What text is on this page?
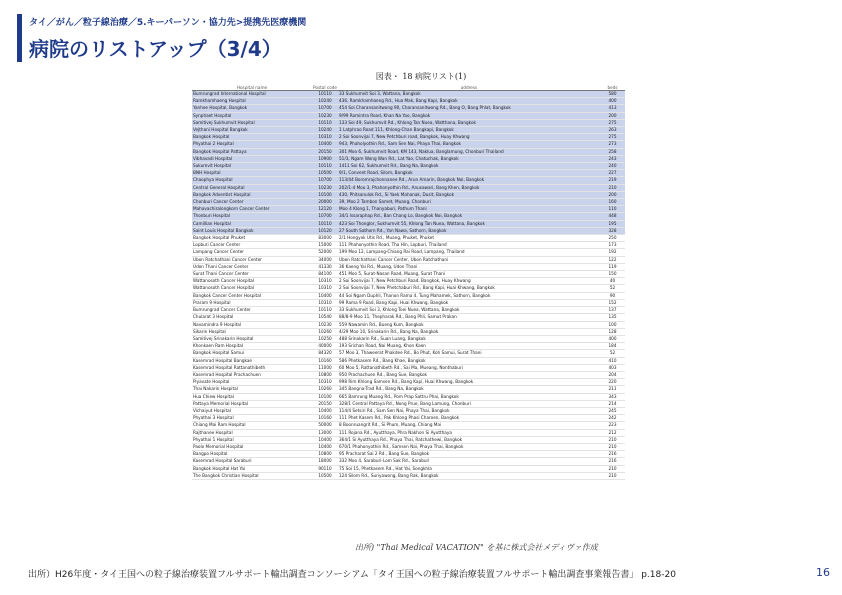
タイ／がん／粒子線治療／5.キーパーソン・協力先>提携先医療機関
病院のリストアップ（3/4）
図表・ 18 病院リスト(1)
Hospital name	Postal code	address	beds
Bumrungrad International Hospital	10110	33 Sukhumvit Soi 3, Wattana, Bangkok	580
Ramkhamhaeng Hospital	10240	436, Ramkhamhaeng Rd., Hua Mak, Bang Kapi, Bangkok	400
Yanhee Hospital, Bangkok	10700	454 Soi Charansanitwong 90, Charansanitwong Rd., Bang O, Bang Phlat, Bangkok	413
Synphaet Hospital	10230	9/99 Ramintra Road, Khan Na Yao, Bangkok	200
Samitivej Sukhumvit Hospital	10110	133 Soi 49, Sukhumvit Rd., Khlong Tan Nuea, Watthana, Bangkok	275
Vejthani Hospital Bangkok	10240	1 Latphrao Road 111, Khlong-Chan Bangkapi, Bangkok	263
Bangkok Hospital	10310	2 Soi Soonvijai 7, New Petchburi road, Bangkok, Huay Khwang	275
Phyathai 2 Hospital	10400	943, Phaholyothin Rd., Sam Sen Nai, Phaya Thai, Bangkok	273
Bangkok Hospital Pattaya	20150	301 Moo 6, Sukhumvit Road, KM 143, Naklua, Banglamung, Chonburi Thailand	258
Vibhavadi Hospital	10900	51/3, Ngam Wong Wan Rd., Lat Yao, Chatuchak, Bangkok	243
Sukumvit Hospital	10110	1411 Soi 62, Sukhumvit Rd., Bang Na, Bangkok	240
BNH Hospital	10500	9/1, Convent Road, Silom, Bangkok	227
Chaophya Hospital	10700	113/44 Boromrajchonnanee Rd., Arun Amarin, Bangkok Noi, Bangkok	219
Central General Hospital	10230	202/1-4 Moo 3, Phahonyothin Rd., Anusawari, Bang Khen, Bangkok	210
Bangkok Adventist Hospital	10100	430, Phitsanulok Rd., Si Yaek Mahanak, Dusit, Bangkok	200
Chonburi Cancer Center	20000	39, Moo 2 Tambon Samet, Muang, Chonburi	160
Mahavachiralongkorn Cancer Center	12120	Moo 4 Klong 1, Thanyaburi, Pathum Thani	110
Thonburi Hospital	10700	34/1 Issaraphap Rd., Ban Chang Lo, Bangkok Noi, Bangkok	448
Camillian Hospital	10110	423 Soi Thonglor, Sukhumvit 55, Khlong Tan Nuea, Wattana, Bangkok	195
Saint Louis Hospital Bangkok	10120	27 South Sathorn Rd., Yan Nawa, Sathorn, Bangkok	328
Bangkok Hospital Phuket	83000	2/1 Hongyok Utis Rd., Muang, Phuket, Phuket	250
Lopburi Cancer Center	15000	111 Phahonyothin Road, Tha Hin, Lopburi, Thailand	173
Lampang Cancer Center	52000	199 Moo 12, Lampang-Chiang Rai Road, Lampang, Thailand	192
Ubon Ratchathani Cancer Center	34000	Ubon Ratchathani Cancer Center, Ubon Ratchathani	122
Udon Thani Cancer Center	41330	36 Kaeng Yai Rd., Muang, Udon Thani	119
Surat Thani Cancer Center	84100	451 Moo 5, Surat-Nasan Road, Muang, Surat Thani	150
Wattanosoth Cancer Hospital	10310	2 Soi Soonvijai 7, New Petchburi Road, Bangkok, Huay Khwang	40
Wattanosoth Cancer Hospital	10310	2 Soi Soonvijai 7, New Phetchaburi Rd., Bang Kapi, Huai Khwang, Bangkok	52
Bangkok Cancer Center Hospital	10400	44 Soi Ngam Duphli, Thanon Rama 4, Tung Mahamek, Sathorn, Bangkok	90
Praram 9 Hospital	10310	99 Rama 9 Road, Bang Kapi, Huai Khwang, Bangkok	152
Bumrungrad Cancer Center	10110	33 Sukhumvit Soi 3, Khlong Toei Nuea, Wattana, Bangkok	137
Chularat 3 Hospital	10540	88/8-9 Moo 11, Thepharak Rd., Bang Phli, Samut Prakan	135
Navamindra 9 Hospital	10230	559 Nawamin Rd., Bueng Kum, Bangkok	100
Sikarin Hospital	10260	4/29 Moo 10, Srinakarin Rd., Bang Na, Bangkok	128
Samitivej Srinakarin Hospital	10250	488 Srinakarin Rd., Suan Luang, Bangkok	400
Khonkaen Ram Hospital	40000	193 Srichan Road, Nai Muang, Khon Kaen	184
Bangkok Hospital Samui	84320	57 Moo 3, Thaweerat Phakdee Rd., Bo Phut, Koh Samui, Surat Thani	52
Kasemrad Hospital Bangkae	10160	586 Phetkasem Rd., Bang Khae, Bangkok	410
Kasemrad Hospital Rattanathibeth	11000	60 Moo 5, Rattanathibeth Rd., Sai Ma, Mueang, Nonthaburi	403
Kasemrad Hospital Prachachuen	10800	950 Prachachuen Rd., Bang Sue, Bangkok	204
Piyavate Hospital	10310	998 Rim Khlong Samsen Rd., Bang Kapi, Huai Khwang, Bangkok	220
Thai Nakarin Hospital	10260	345 Bangna-Trad Rd., Bang Na, Bangkok	211
Hua Chiew Hospital	10100	665 Bamrung Muang Rd., Pom Prap Sattru Phai, Bangkok	343
Pattaya Memorial Hospital	20150	328/1 Central Pattaya Rd., Nong Prue, Bang Lamung, Chonburi	214
Vichaiyut Hospital	10400	114/4 Setsiri Rd., Sam Sen Nai, Phaya Thai, Bangkok	245
Phyathai 3 Hospital	10160	111 Phet Kasem Rd., Pak Khlong Phasi Charoen, Bangkok	242
Chiang Mai Ram Hospital	50000	8 Boonruangrit Rd., Si Phum, Muang, Chiang Mai	223
Rajthanee Hospital	13000	111 Rojana Rd., Ayutthaya, Phra Nakhon Si Ayutthaya	212
Phyathai 1 Hospital	10400	364/1 Si Ayutthaya Rd., Phaya Thai, Ratchathewi, Bangkok	210
Paolo Memorial Hospital	10400	670/1 Phahonyothin Rd., Samsen Nai, Phaya Thai, Bangkok	210
Bangpo Hospital	10800	95 Pracharat Sai 2 Rd., Bang Sue, Bangkok	216
Kasemrad Hospital Saraburi	18000	332 Moo 4, Saraburi-Lom Sak Rd., Saraburi	216
Bangkok Hospital Hat Yai	90110	75 Soi 15, Phetkasem Rd., Hat Yai, Songkhla	210
The Bangkok Christian Hospital	10500	124 Silom Rd., Suriyawong, Bang Rak, Bangkok	210
出所) "Thai Medical VACATION" を基に株式会社メディヴァ作成
出所）H26年度・タイ王国への粒子線治療装置フルサポート輸出調査コンソーシアム「タイ王国への粒子線治療装置フルサポート輸出調査事業報告書」 p.18-20	16
